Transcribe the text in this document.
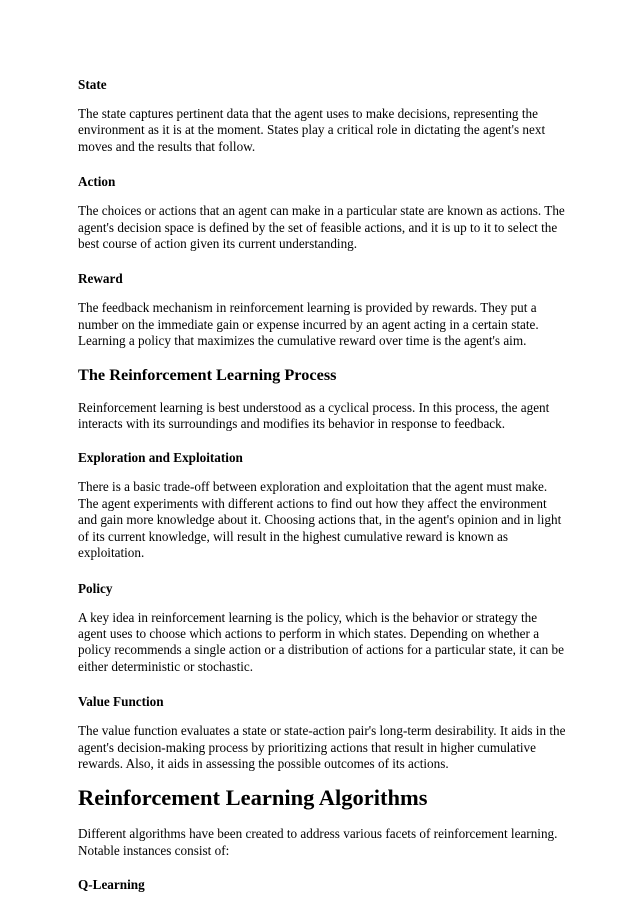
State

The state captures pertinent data that the agent uses to make decisions, representing the environment as it is at the moment. States play a critical role in dictating the agent's next moves and the results that follow.

Action

The choices or actions that an agent can make in a particular state are known as actions. The agent's decision space is defined by the set of feasible actions, and it is up to it to select the best course of action given its current understanding.

Reward

The feedback mechanism in reinforcement learning is provided by rewards. They put a number on the immediate gain or expense incurred by an agent acting in a certain state. Learning a policy that maximizes the cumulative reward over time is the agent's aim.

The Reinforcement Learning Process

Reinforcement learning is best understood as a cyclical process. In this process, the agent interacts with its surroundings and modifies its behavior in response to feedback.

Exploration and Exploitation

There is a basic trade-off between exploration and exploitation that the agent must make. The agent experiments with different actions to find out how they affect the environment and gain more knowledge about it. Choosing actions that, in the agent's opinion and in light of its current knowledge, will result in the highest cumulative reward is known as exploitation.

Policy

A key idea in reinforcement learning is the policy, which is the behavior or strategy the agent uses to choose which actions to perform in which states. Depending on whether a policy recommends a single action or a distribution of actions for a particular state, it can be either deterministic or stochastic.

Value Function

The value function evaluates a state or state-action pair's long-term desirability. It aids in the agent's decision-making process by prioritizing actions that result in higher cumulative rewards. Also, it aids in assessing the possible outcomes of its actions.

Reinforcement Learning Algorithms

Different algorithms have been created to address various facets of reinforcement learning. Notable instances consist of:

Q-Learning
